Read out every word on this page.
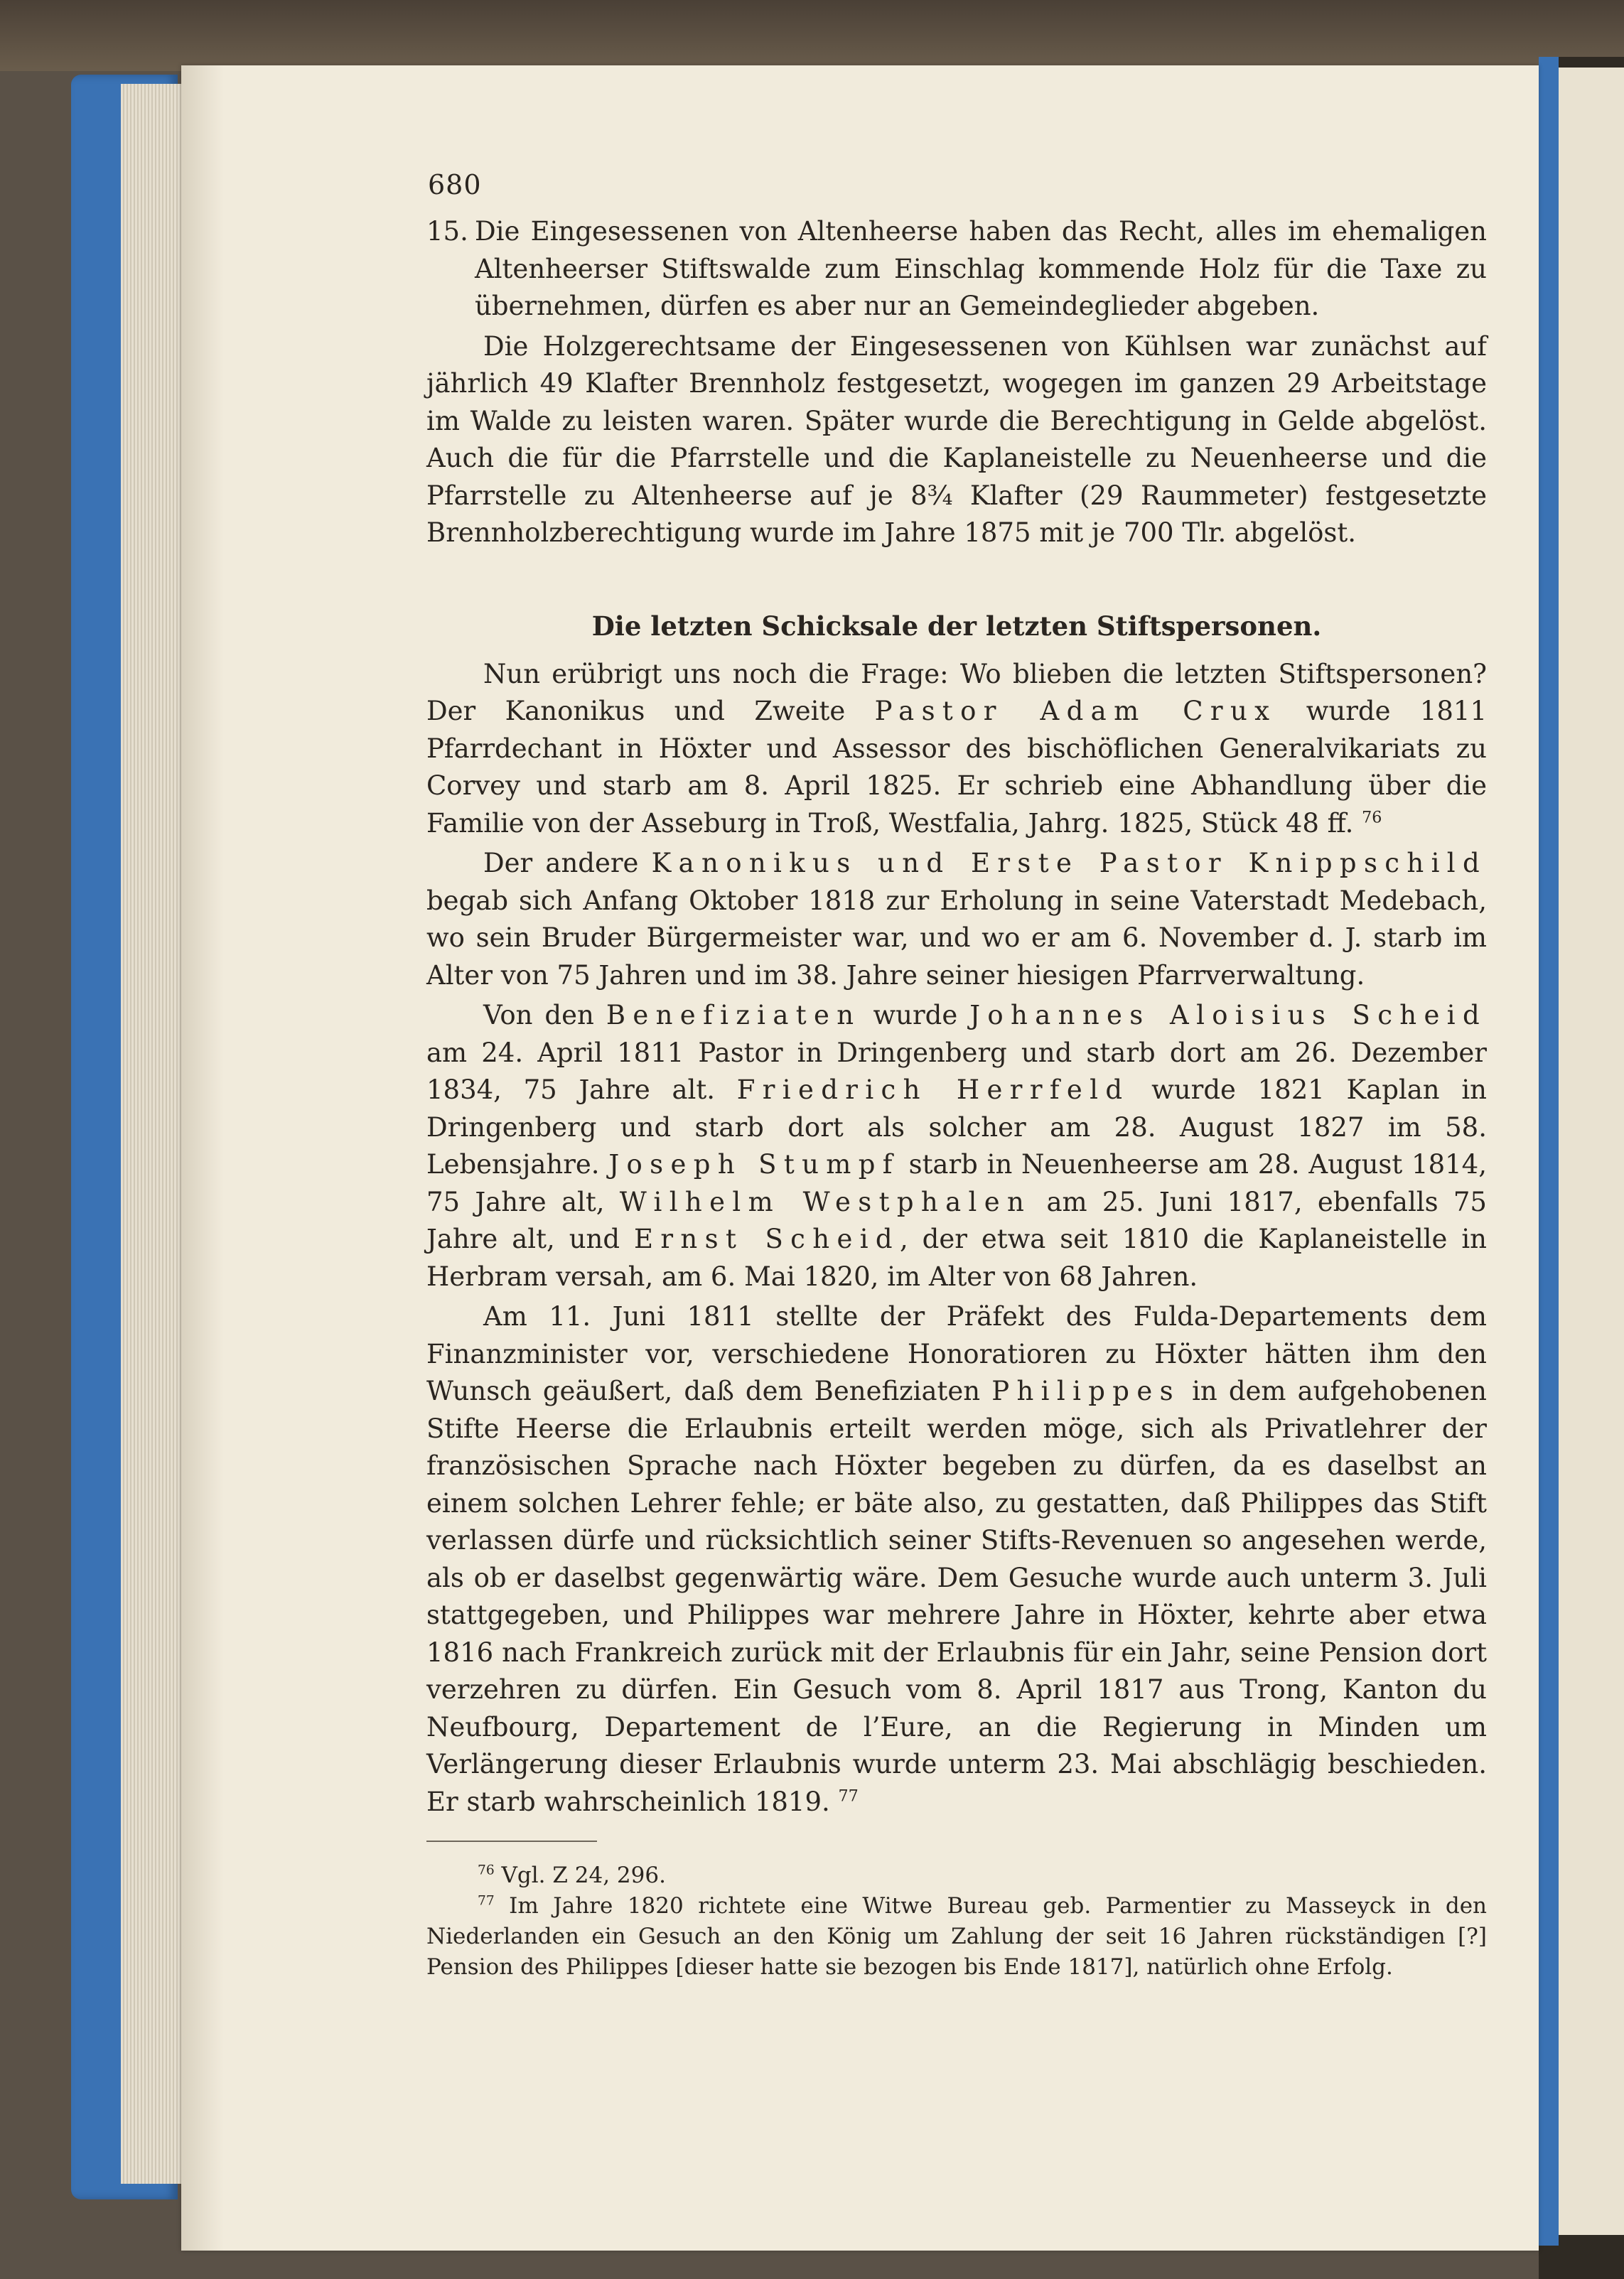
680

15. Die Eingesessenen von Altenheerse haben das Recht, alles im ehemaligen Altenheerser Stiftswalde zum Einschlag kommende Holz für die Taxe zu übernehmen, dürfen es aber nur an Gemeindeglieder abgeben.

Die Holzgerechtsame der Eingesessenen von Kühlsen war zunächst auf jährlich 49 Klafter Brennholz festgesetzt, wogegen im ganzen 29 Arbeitstage im Walde zu leisten waren. Später wurde die Berechtigung in Gelde abgelöst. Auch die für die Pfarrstelle und die Kaplaneistelle zu Neuenheerse und die Pfarrstelle zu Altenheerse auf je 8¾ Klafter (29 Raummeter) festgesetzte Brennholzberechtigung wurde im Jahre 1875 mit je 700 Tlr. abgelöst.

Die letzten Schicksale der letzten Stiftspersonen.

Nun erübrigt uns noch die Frage: Wo blieben die letzten Stiftspersonen? Der Kanonikus und Zweite Pastor Adam Crux wurde 1811 Pfarrdechant in Höxter und Assessor des bischöflichen Generalvikariats zu Corvey und starb am 8. April 1825. Er schrieb eine Abhandlung über die Familie von der Asseburg in Troß, Westfalia, Jahrg. 1825, Stück 48 ff. $^{76}$

Der andere Kanonikus und Erste Pastor Knippschild begab sich Anfang Oktober 1818 zur Erholung in seine Vaterstadt Medebach, wo sein Bruder Bürgermeister war, und wo er am 6. November d. J. starb im Alter von 75 Jahren und im 38. Jahre seiner hiesigen Pfarrverwaltung.

Von den Benefiziaten wurde Johannes Aloisius Scheid am 24. April 1811 Pastor in Dringenberg und starb dort am 26. Dezember 1834, 75 Jahre alt. Friedrich Herrfeld wurde 1821 Kaplan in Dringenberg und starb dort als solcher am 28. August 1827 im 58. Lebensjahre. Joseph Stumpf starb in Neuenheerse am 28. August 1814, 75 Jahre alt, Wilhelm Westphalen am 25. Juni 1817, ebenfalls 75 Jahre alt, und Ernst Scheid, der etwa seit 1810 die Kaplaneistelle in Herbram versah, am 6. Mai 1820, im Alter von 68 Jahren.

Am 11. Juni 1811 stellte der Präfekt des Fulda-Departements dem Finanzminister vor, verschiedene Honoratioren zu Höxter hätten ihm den Wunsch geäußert, daß dem Benefiziaten Philippes in dem aufgehobenen Stifte Heerse die Erlaubnis erteilt werden möge, sich als Privatlehrer der französischen Sprache nach Höxter begeben zu dürfen, da es daselbst an einem solchen Lehrer fehle; er bäte also, zu gestatten, daß Philippes das Stift verlassen dürfe und rücksichtlich seiner Stifts-Revenuen so angesehen werde, als ob er daselbst gegenwärtig wäre. Dem Gesuche wurde auch unterm 3. Juli stattgegeben, und Philippes war mehrere Jahre in Höxter, kehrte aber etwa 1816 nach Frankreich zurück mit der Erlaubnis für ein Jahr, seine Pension dort verzehren zu dürfen. Ein Gesuch vom 8. April 1817 aus Trong, Kanton du Neufbourg, Departement de l’Eure, an die Regierung in Minden um Verlängerung dieser Erlaubnis wurde unterm 23. Mai abschlägig beschieden. Er starb wahrscheinlich 1819. $^{77}$

$^{76}$ Vgl. Z 24, 296.

$^{77}$ Im Jahre 1820 richtete eine Witwe Bureau geb. Parmentier zu Masseyck in den Niederlanden ein Gesuch an den König um Zahlung der seit 16 Jahren rückständigen [?] Pension des Philippes [dieser hatte sie bezogen bis Ende 1817], natürlich ohne Erfolg.
